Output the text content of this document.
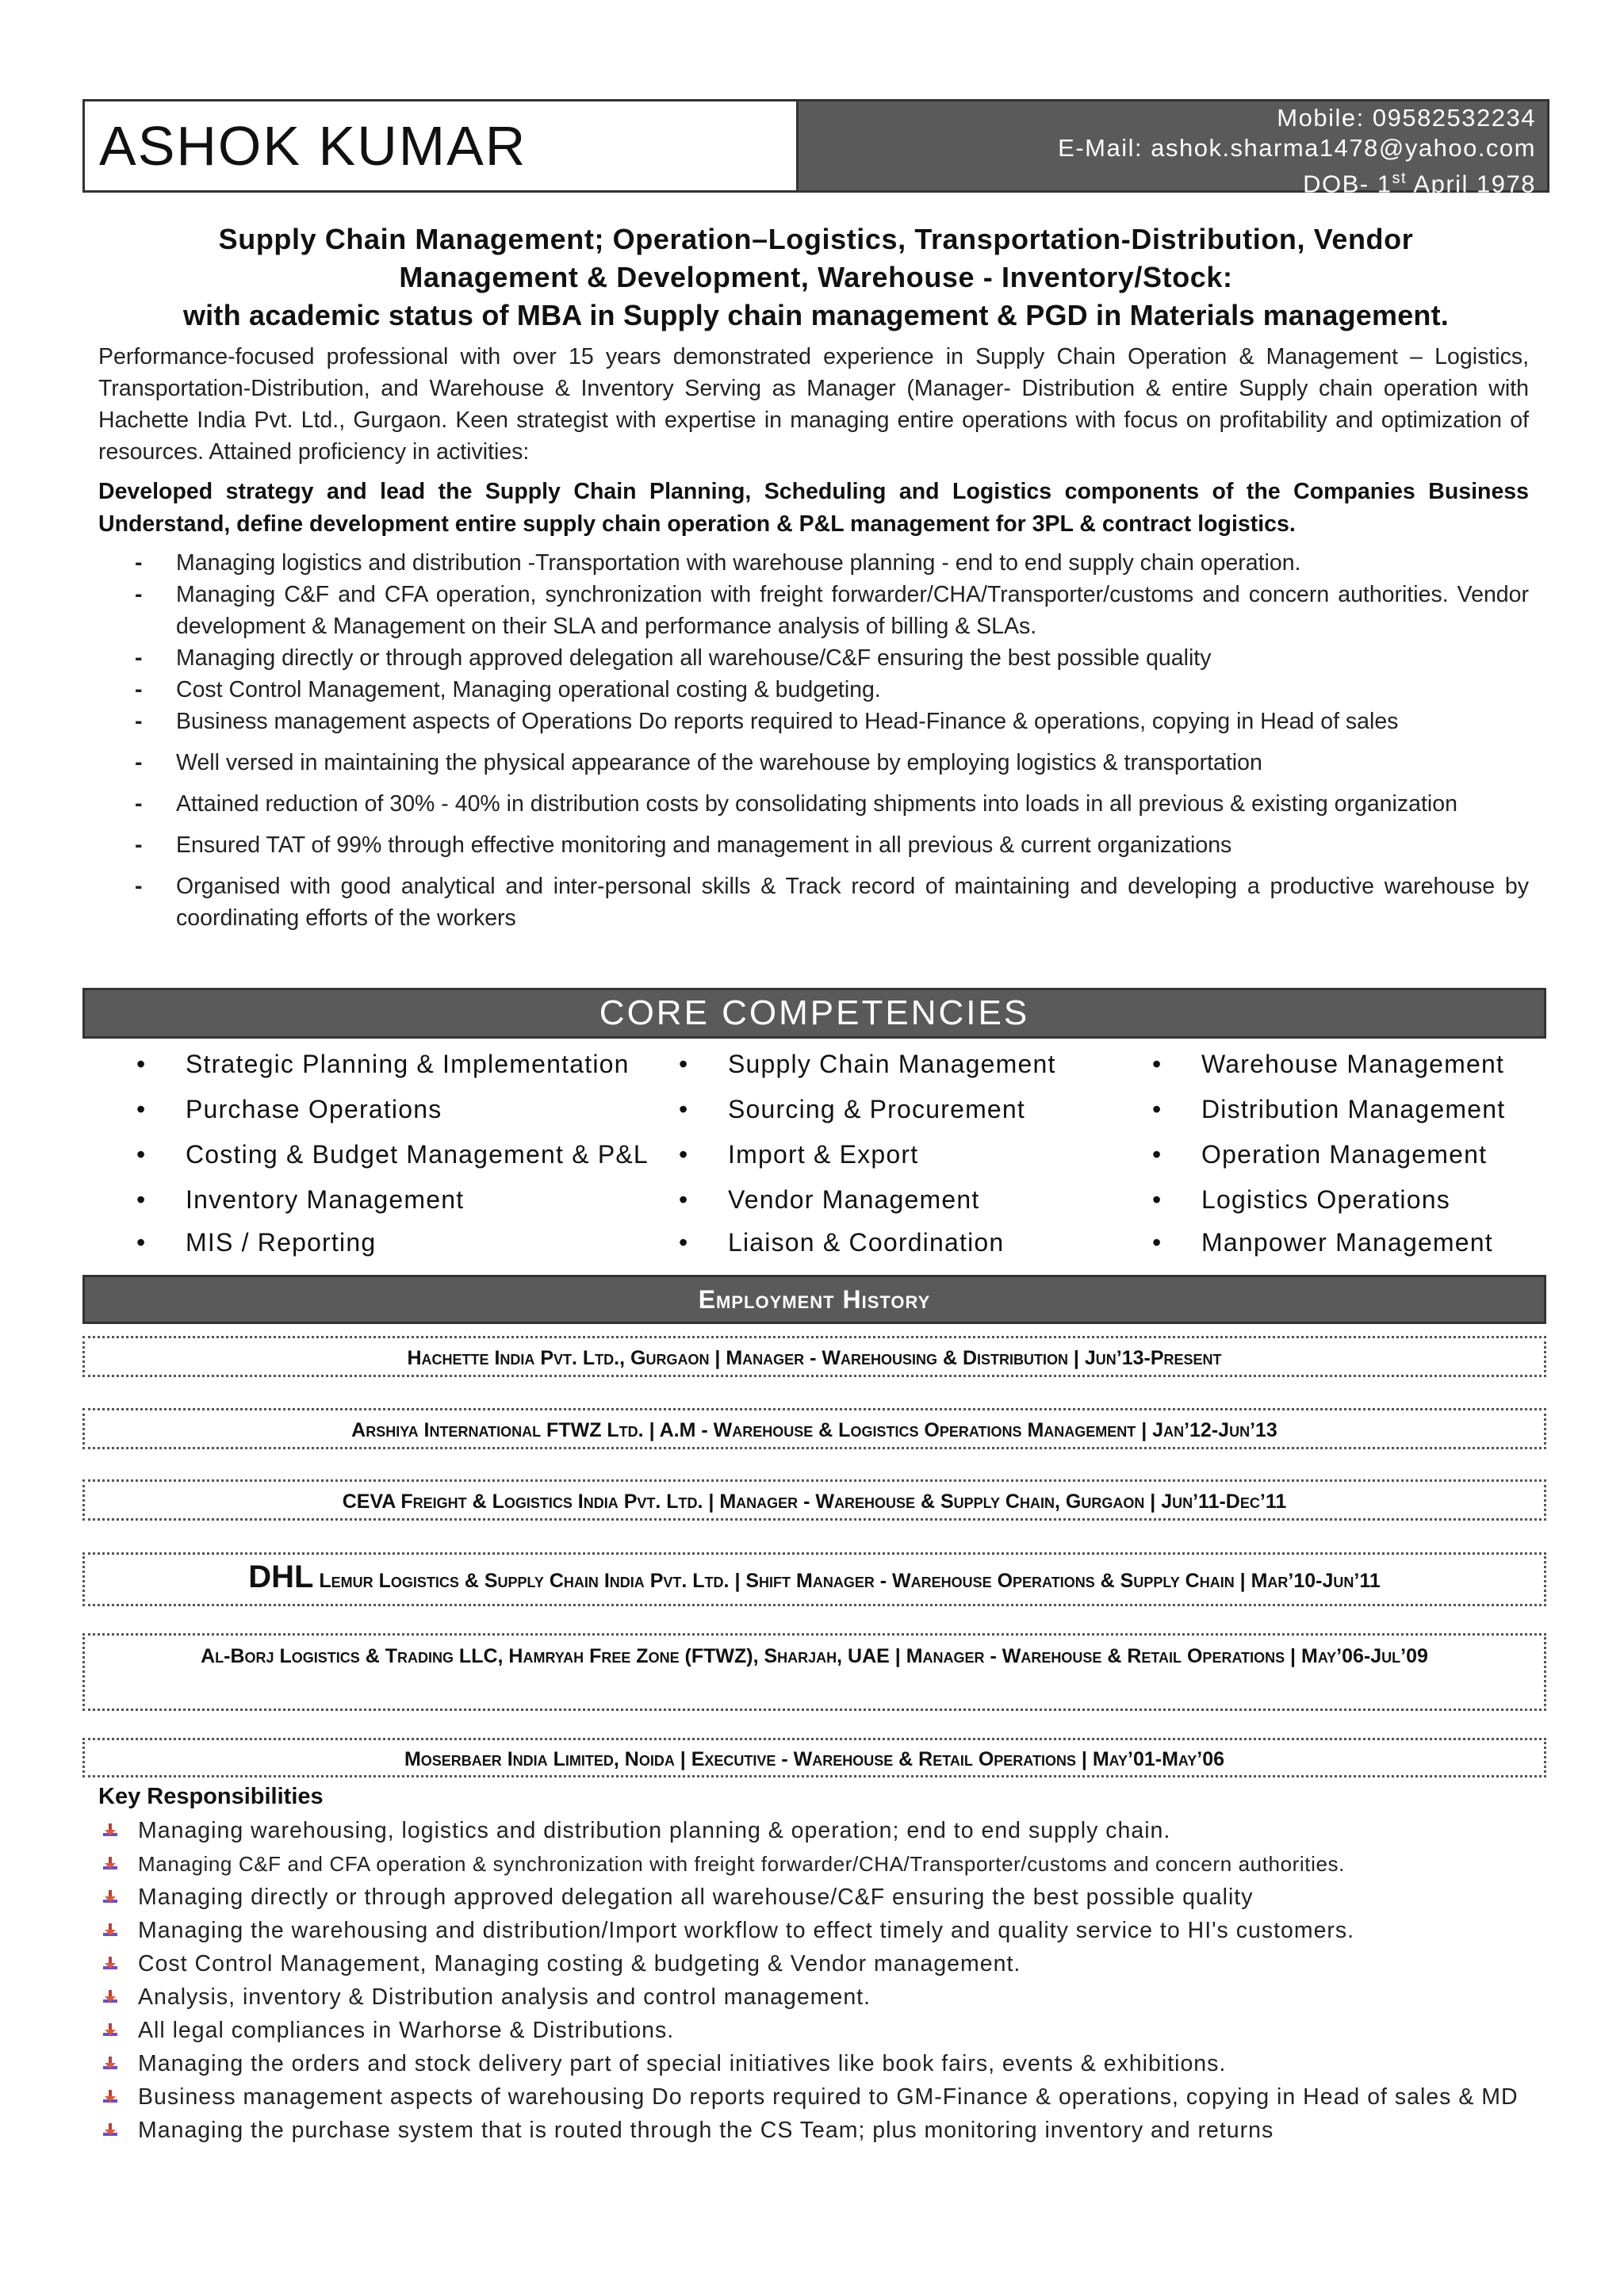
ASHOK KUMAR	Mobile: 09582532234
E-Mail: ashok.sharma1478@yahoo.com
DOB- 1st April 1978
Supply Chain Management; Operation–Logistics, Transportation-Distribution, Vendor
Management & Development, Warehouse - Inventory/Stock:
with academic status of MBA in Supply chain management & PGD in Materials management.
Performance-focused professional with over 15 years demonstrated experience in Supply Chain Operation & Management – Logistics, Transportation-Distribution, and Warehouse & Inventory Serving as Manager (Manager- Distribution & entire Supply chain operation with Hachette India Pvt. Ltd., Gurgaon. Keen strategist with expertise in managing entire operations with focus on profitability and optimization of resources. Attained proficiency in activities:
Developed strategy and lead the Supply Chain Planning, Scheduling and Logistics components of the Companies Business Understand, define development entire supply chain operation & P&L management for 3PL & contract logistics.
- Managing logistics and distribution -Transportation with warehouse planning - end to end supply chain operation.
- Managing C&F and CFA operation, synchronization with freight forwarder/CHA/Transporter/customs and concern authorities. Vendor development & Management on their SLA and performance analysis of billing & SLAs.
- Managing directly or through approved delegation all warehouse/C&F ensuring the best possible quality
- Cost Control Management, Managing operational costing & budgeting.
- Business management aspects of Operations Do reports required to Head-Finance & operations, copying in Head of sales
- Well versed in maintaining the physical appearance of the warehouse by employing logistics & transportation
- Attained reduction of 30% - 40% in distribution costs by consolidating shipments into loads in all previous & existing organization
- Ensured TAT of 99% through effective monitoring and management in all previous & current organizations
- Organised with good analytical and inter-personal skills & Track record of maintaining and developing a productive warehouse by coordinating efforts of the workers
CORE COMPETENCIES
• Strategic Planning & Implementation
• Purchase Operations
• Costing & Budget Management & P&L
• Inventory Management
• MIS / Reporting
• Supply Chain Management
• Sourcing & Procurement
• Import & Export
• Vendor Management
• Liaison & Coordination
• Warehouse Management
• Distribution Management
• Operation Management
• Logistics Operations
• Manpower Management
Employment History
Hachette India Pvt. Ltd., Gurgaon | Manager - Warehousing & Distribution | Jun’13-Present
Arshiya International FTWZ Ltd. | A.M - Warehouse & Logistics Operations Management | Jan’12-Jun’13
CEVA Freight & Logistics India Pvt. Ltd. | Manager - Warehouse & Supply Chain, Gurgaon | Jun’11-Dec’11
DHL Lemur Logistics & Supply Chain India Pvt. Ltd. | Shift Manager - Warehouse Operations & Supply Chain | Mar’10-Jun’11
Al-Borj Logistics & Trading LLC, Hamryah Free Zone (FTWZ), Sharjah, UAE | Manager - Warehouse & Retail Operations | May’06-Jul’09
Moserbaer India Limited, Noida | Executive - Warehouse & Retail Operations | May’01-May’06
Key Responsibilities
Managing warehousing, logistics and distribution planning & operation; end to end supply chain.
Managing C&F and CFA operation & synchronization with freight forwarder/CHA/Transporter/customs and concern authorities.
Managing directly or through approved delegation all warehouse/C&F ensuring the best possible quality
Managing the warehousing and distribution/Import workflow to effect timely and quality service to HI's customers.
Cost Control Management, Managing costing & budgeting & Vendor management.
Analysis, inventory & Distribution analysis and control management.
All legal compliances in Warhorse & Distributions.
Managing the orders and stock delivery part of special initiatives like book fairs, events & exhibitions.
Business management aspects of warehousing Do reports required to GM-Finance & operations, copying in Head of sales & MD
Managing the purchase system that is routed through the CS Team; plus monitoring inventory and returns
